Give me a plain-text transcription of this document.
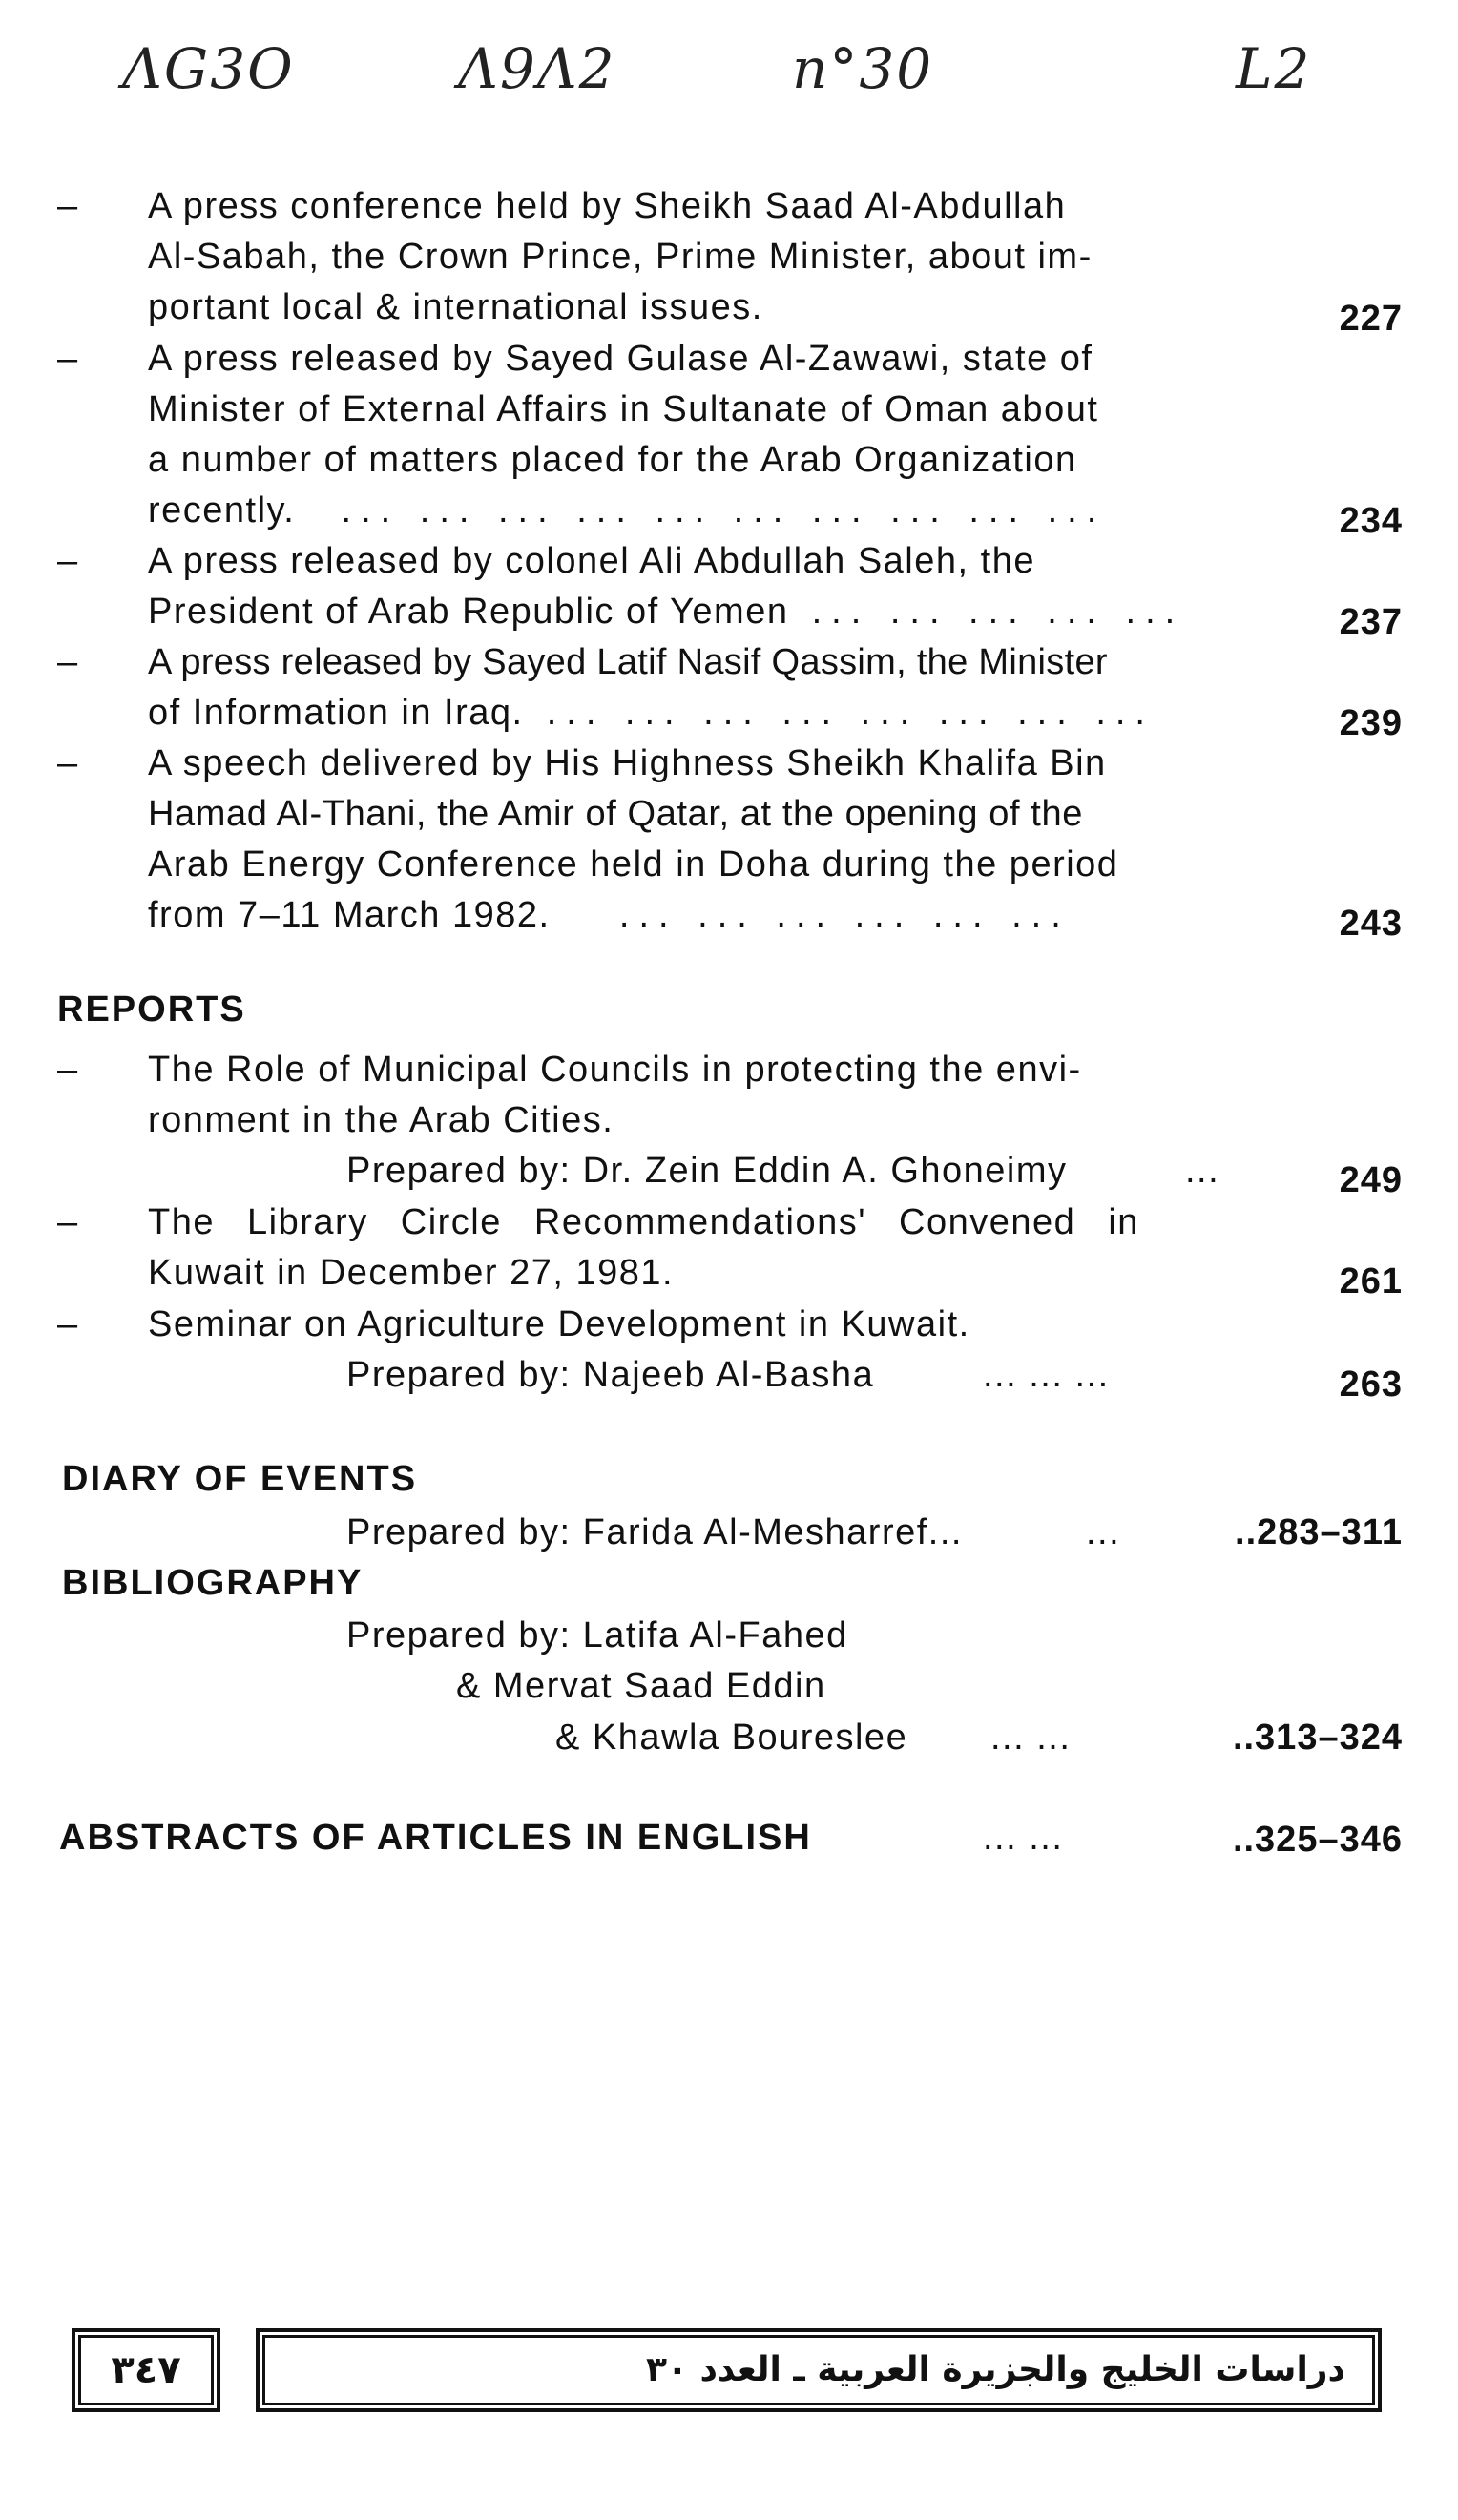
ΛG3O	Λ9Λ2	n°30	L2
– A press conference held by Sheikh Saad Al-Abdullah
Al-Sabah, the Crown Prince, Prime Minister, about im-
portant local & international issues.	227
– A press released by Sayed Gulase Al-Zawawi, state of
Minister of External Affairs in Sultanate of Oman about
a number of matters placed for the Arab Organization
recently. ... ... ... ... ... ... ... ... ... ...	234
– A press released by colonel Ali Abdullah Saleh, the
President of Arab Republic of Yemen ... ... ... ... ...	237
– A press released by Sayed Latif Nasif Qassim, the Minister
of Information in Iraq. ... ... ... ... ... ... ... ...	239
– A speech delivered by His Highness Sheikh Khalifa Bin
Hamad Al-Thani, the Amir of Qatar, at the opening of the
Arab Energy Conference held in Doha during the period
from 7–11 March 1982. ... ... ... ... ... ...	243
REPORTS
– The Role of Municipal Councils in protecting the envi-
ronment in the Arab Cities.
Prepared by: Dr. Zein Eddin A. Ghoneimy	...	249
– The Library Circle Recommendations' Convened in
Kuwait in December 27, 1981.	261
– Seminar on Agriculture Development in Kuwait.
Prepared by: Najeeb Al-Basha	... ... ...	263
DIARY OF EVENTS
Prepared by: Farida Al-Mesharref...	...	..283–311
BIBLIOGRAPHY
Prepared by: Latifa Al-Fahed
& Mervat Saad Eddin
& Khawla Boureslee ... ...	..313–324
ABSTRACTS OF ARTICLES IN ENGLISH	... ...	..325–346
٣٤٧	دراسات الخليج والجزيرة العربية ـ العدد ٣٠
